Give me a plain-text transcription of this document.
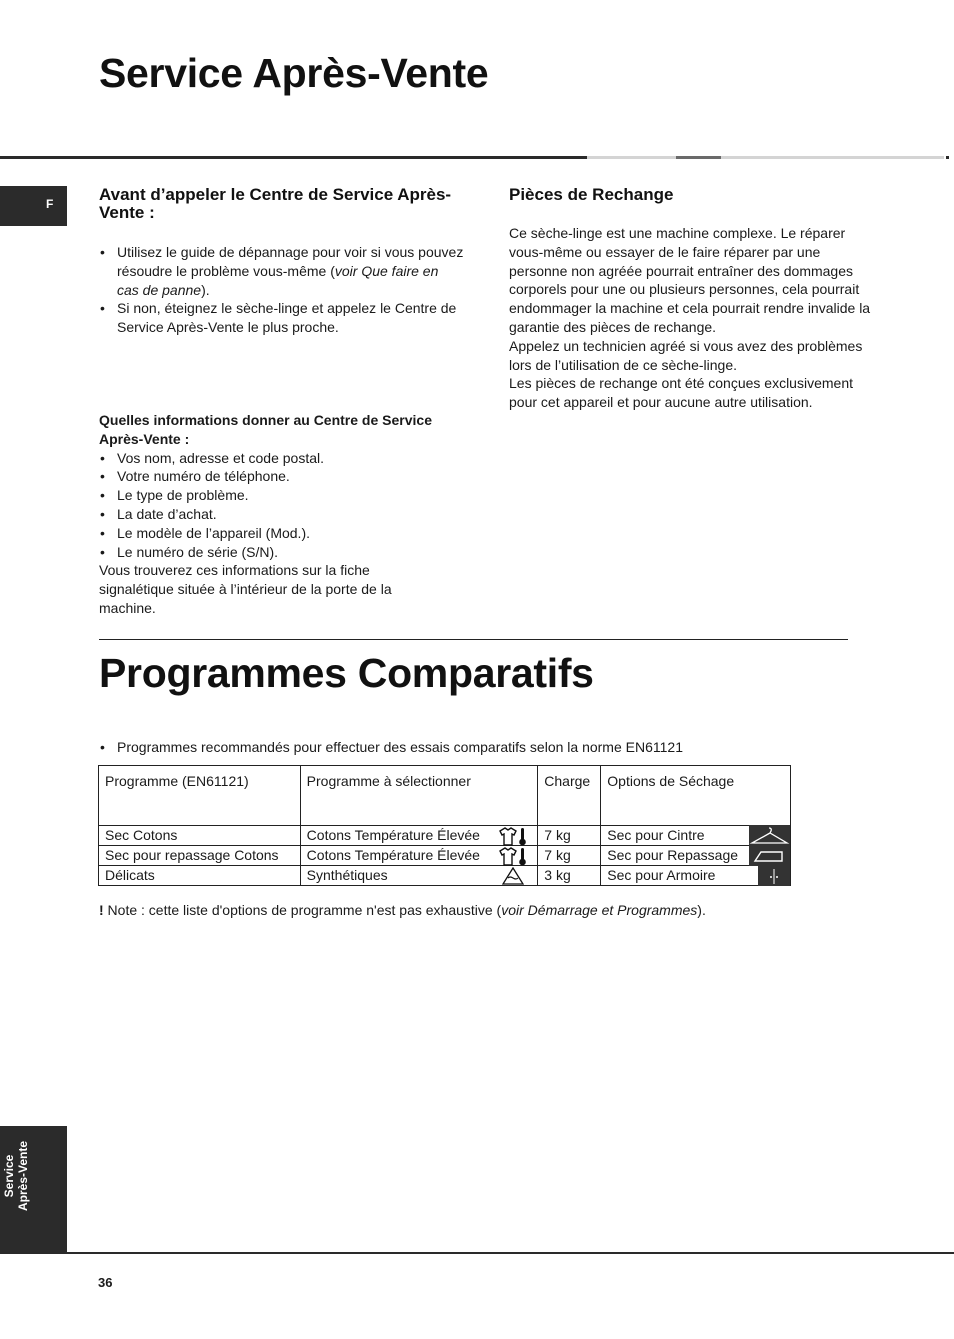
Service Après-Vente
F	Avant d’appeler le Centre de Service Après-Vente :
• Utilisez le guide de dépannage pour voir si vous pouvez résoudre le problème vous-même (voir Que faire en cas de panne).
• Si non, éteignez le sèche-linge et appelez le Centre de Service Après-Vente le plus proche.
Quelles informations donner au Centre de Service Après-Vente :
• Vos nom, adresse et code postal.
• Votre numéro de téléphone.
• Le type de problème.
• La date d’achat.
• Le modèle de l’appareil (Mod.).
• Le numéro de série (S/N).
Vous trouverez ces informations sur la fiche signalétique située à l’intérieur de la porte de la machine.
Pièces de Rechange
Ce sèche-linge est une machine complexe. Le réparer vous-même ou essayer de le faire réparer par une personne non agréée pourrait entraîner des dommages corporels pour une ou plusieurs personnes, cela pourrait endommager la machine et cela pourrait rendre invalide la garantie des pièces de rechange.
Appelez un technicien agréé si vous avez des problèmes lors de l’utilisation de ce sèche-linge.
Les pièces de rechange ont été conçues exclusivement pour cet appareil et pour aucune autre utilisation.
Programmes Comparatifs
• Programmes recommandés pour effectuer des essais comparatifs selon la norme EN61121
Programme (EN61121)	Programme à sélectionner	Charge	Options de Séchage
Sec Cotons	Cotons Température Élevée	7 kg	Sec pour Cintre

Sec pour repassage Cotons	Cotons Température Élevée	7 kg	Sec pour Repassage

Délicats	Synthétiques	3 kg	Sec pour Armoire
! Note : cette liste d'options de programme n'est pas exhaustive (voir Démarrage et Programmes).
Service Après-Vente
36
